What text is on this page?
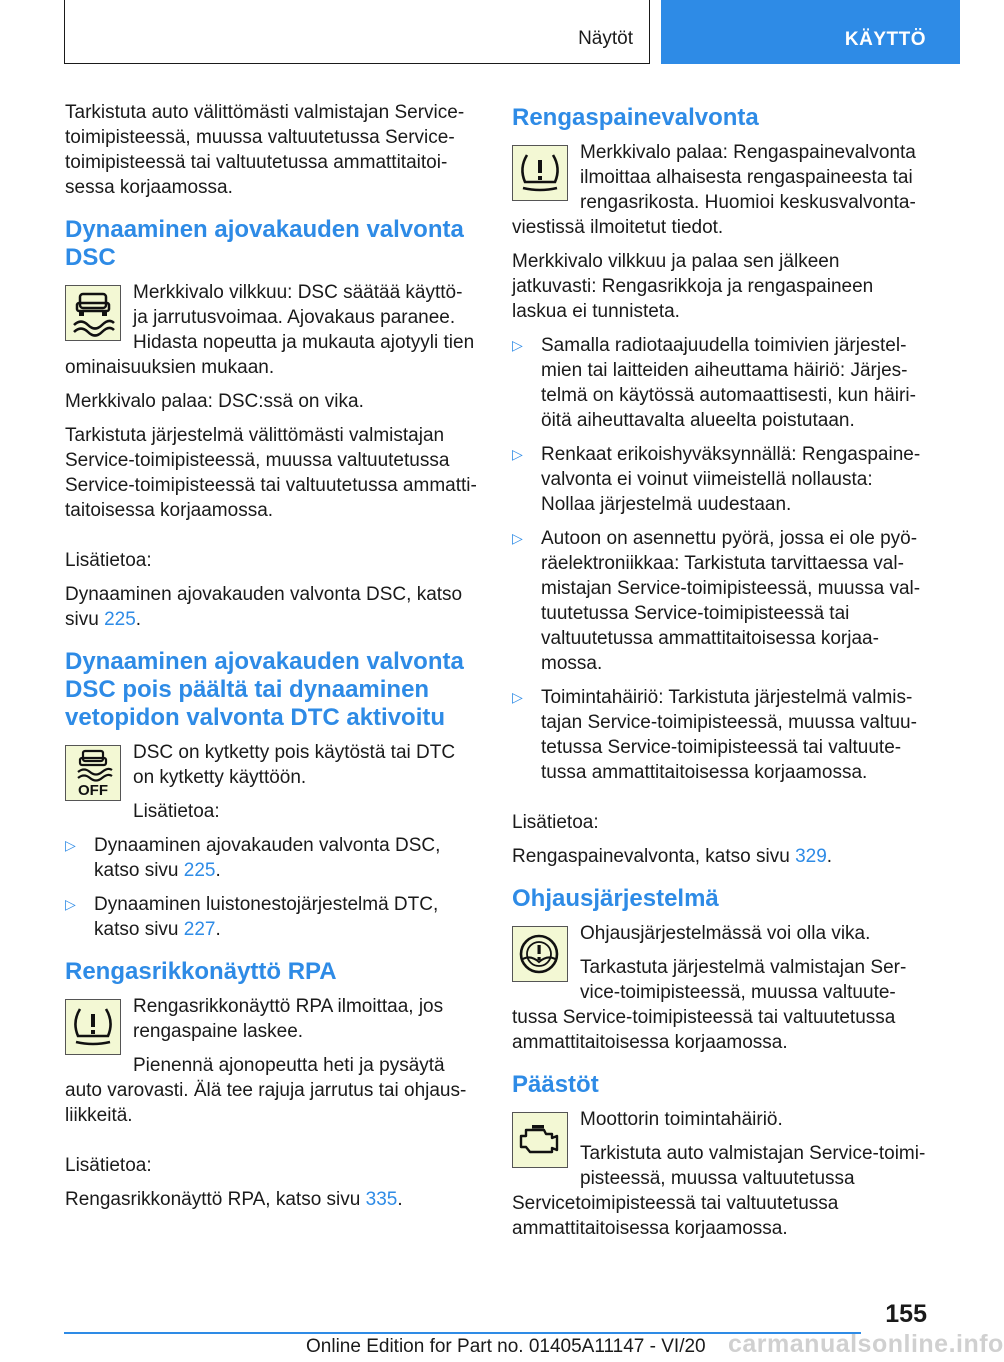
Näytöt	KÄYTTÖ

Tarkistuta auto välittömästi valmistajan Servicetoimipisteessä, muussa valtuutetussa Servicetoimipisteessä tai valtuutetussa ammattitaitoisessa korjaamossa.

Dynaaminen ajovakauden valvonta DSC

Merkkivalo vilkkuu: DSC säätää käyttö- ja jarrutusvoimaa. Ajovakaus paranee. Hidasta nopeutta ja mukauta ajotyyli tien ominaisuuksien mukaan.

Merkkivalo palaa: DSC:ssä on vika.

Tarkistuta järjestelmä välittömästi valmistajan Service-toimipisteessä, muussa valtuutetussa Service-toimipisteessä tai valtuutetussa ammattitaitoisessa korjaamossa.

Lisätietoa:

Dynaaminen ajovakauden valvonta DSC, katso sivu 225.

Dynaaminen ajovakauden valvonta DSC pois päältä tai dynaaminen vetopidon valvonta DTC aktivoitu
OFF

DSC on kytketty pois käytöstä tai DTC on kytketty käyttöön.

Lisätietoa:

▷ Dynaaminen ajovakauden valvonta DSC, katso sivu 225.
▷ Dynaaminen luistonestojärjestelmä DTC, katso sivu 227.
Rengasrikkonäyttö RPA

Rengasrikkonäyttö RPA ilmoittaa, jos rengaspaine laskee.

Pienennä ajonopeutta heti ja pysäytä auto varovasti. Älä tee rajuja jarrutus tai ohjausliikkeitä.

Lisätietoa:

Rengasrikkonäyttö RPA, katso sivu 335.

Rengaspainevalvonta

Merkkivalo palaa: Rengaspainevalvonta ilmoittaa alhaisesta rengaspaineesta tai rengasrikosta. Huomioi keskusvalvontaviestissä ilmoitetut tiedot.

Merkkivalo vilkkuu ja palaa sen jälkeen jatkuvasti: Rengasrikkoja ja rengaspaineen laskua ei tunnisteta.

▷ Samalla radiotaajuudella toimivien järjestelmien tai laitteiden aiheuttama häiriö: Järjestelmä on käytössä automaattisesti, kun häiriöitä aiheuttavalta alueelta poistutaan.
▷ Renkaat erikoishyväksynnällä: Rengaspainevalvonta ei voinut viimeistellä nollausta: Nollaa järjestelmä uudestaan.
▷ Autoon on asennettu pyörä, jossa ei ole pyöräelektroniikkaa: Tarkistuta tarvittaessa valmistajan Service-toimipisteessä, muussa valtuutetussa Service-toimipisteessä tai valtuutetussa ammattitaitoisessa korjaamossa.
▷ Toimintahäiriö: Tarkistuta järjestelmä valmistajan Service-toimipisteessä, muussa valtuutetussa Service-toimipisteessä tai valtuutetussa ammattitaitoisessa korjaamossa.

Lisätietoa:

Rengaspainevalvonta, katso sivu 329.

Ohjausjärjestelmä

Ohjausjärjestelmässä voi olla vika.

Tarkastuta järjestelmä valmistajan Service-toimipisteessä, muussa valtuutetussa Service-toimipisteessä tai valtuutetussa ammattitaitoisessa korjaamossa.

Päästöt

Moottorin toimintahäiriö.

Tarkistuta auto valmistajan Service-toimipisteessä, muussa valtuutetussa Servicetoimipisteessä tai valtuutetussa ammattitaitoisessa korjaamossa.

155
carmanualsonline.info
Online Edition for Part no. 01405A11147 - VI/20
